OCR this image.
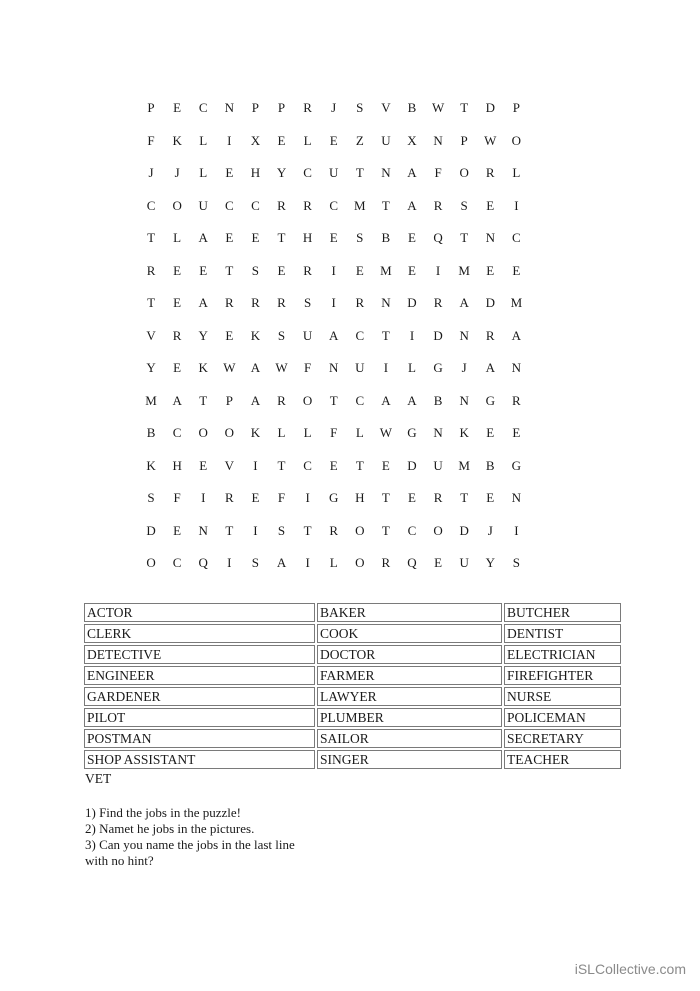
P	E	C	N	P	P	R	J	S	V	B	W	T	D	P
F	K	L	I	X	E	L	E	Z	U	X	N	P	W	O
J	J	L	E	H	Y	C	U	T	N	A	F	O	R	L
C	O	U	C	C	R	R	C	M	T	A	R	S	E	I
T	L	A	E	E	T	H	E	S	B	E	Q	T	N	C
R	E	E	T	S	E	R	I	E	M	E	I	M	E	E
T	E	A	R	R	R	S	I	R	N	D	R	A	D	M
V	R	Y	E	K	S	U	A	C	T	I	D	N	R	A
Y	E	K	W	A	W	F	N	U	I	L	G	J	A	N
M	A	T	P	A	R	O	T	C	A	A	B	N	G	R
B	C	O	O	K	L	L	F	L	W	G	N	K	E	E
K	H	E	V	I	T	C	E	T	E	D	U	M	B	G
S	F	I	R	E	F	I	G	H	T	E	R	T	E	N
D	E	N	T	I	S	T	R	O	T	C	O	D	J	I
O	C	Q	I	S	A	I	L	O	R	Q	E	U	Y	S
ACTOR	BAKER	BUTCHER
CLERK	COOK	DENTIST
DETECTIVE	DOCTOR	ELECTRICIAN
ENGINEER	FARMER	FIREFIGHTER
GARDENER	LAWYER	NURSE
PILOT	PLUMBER	POLICEMAN
POSTMAN	SAILOR	SECRETARY
SHOP ASSISTANT	SINGER	TEACHER
VET
1) Find the jobs in the puzzle!
2) Namet he jobs in the pictures.
3) Can you name the jobs in the last line
with no hint?
iSLCollective.com
